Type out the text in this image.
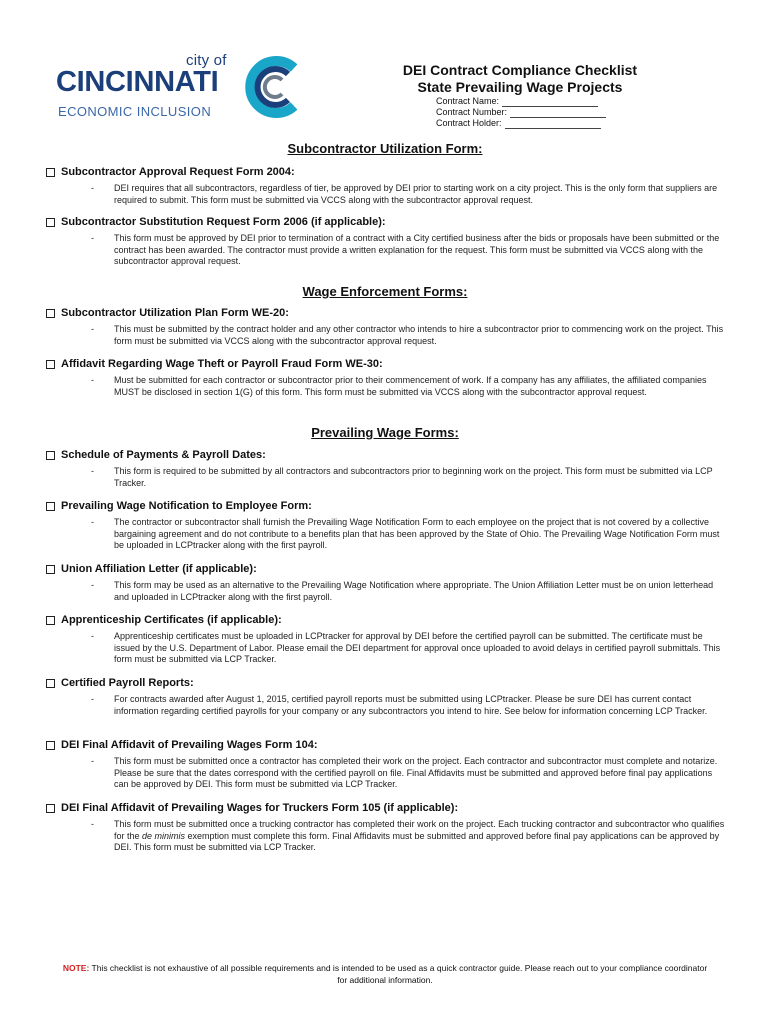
city of
CINCINNATI
ECONOMIC INCLUSION
DEI Contract Compliance Checklist
State Prevailing Wage Projects
Contract Name:
Contract Number:
Contract Holder:
Subcontractor Utilization Form:
Subcontractor Approval Request Form 2004:
- DEI requires that all subcontractors, regardless of tier, be approved by DEI prior to starting work on a city project. This is the only form that suppliers are required to submit. This form must be submitted via VCCS along with the subcontractor approval request.
Subcontractor Substitution Request Form 2006 (if applicable):
- This form must be approved by DEI prior to termination of a contract with a City certified business after the bids or proposals have been submitted or the contract has been awarded. The contractor must provide a written explanation for the request. This form must be submitted via VCCS along with the subcontractor approval request.
Wage Enforcement Forms:
Subcontractor Utilization Plan Form WE-20:
- This must be submitted by the contract holder and any other contractor who intends to hire a subcontractor prior to commencing work on the project. This form must be submitted via VCCS along with the subcontractor approval request.
Affidavit Regarding Wage Theft or Payroll Fraud Form WE-30:
- Must be submitted for each contractor or subcontractor prior to their commencement of work. If a company has any affiliates, the affiliated companies MUST be disclosed in section 1(G) of this form. This form must be submitted via VCCS along with the subcontractor approval request.
Prevailing Wage Forms:
Schedule of Payments & Payroll Dates:
- This form is required to be submitted by all contractors and subcontractors prior to beginning work on the project. This form must be submitted via LCP Tracker.
Prevailing Wage Notification to Employee Form:
- The contractor or subcontractor shall furnish the Prevailing Wage Notification Form to each employee on the project that is not covered by a collective bargaining agreement and do not contribute to a benefits plan that has been approved by the State of Ohio. The Prevailing Wage Notification Form must be uploaded in LCPtracker along with the first payroll.
Union Affiliation Letter (if applicable):
- This form may be used as an alternative to the Prevailing Wage Notification where appropriate. The Union Affiliation Letter must be on union letterhead and uploaded in LCPtracker along with the first payroll.
Apprenticeship Certificates (if applicable):
- Apprenticeship certificates must be uploaded in LCPtracker for approval by DEI before the certified payroll can be submitted. The certificate must be issued by the U.S. Department of Labor. Please email the DEI department for approval once uploaded to avoid delays in certified payroll submittals. This form must be submitted via LCP Tracker.
Certified Payroll Reports:
- For contracts awarded after August 1, 2015, certified payroll reports must be submitted using LCPtracker. Please be sure DEI has current contact information regarding certified payrolls for your company or any subcontractors you intend to hire. See below for information concerning LCP Tracker.
DEI Final Affidavit of Prevailing Wages Form 104:
- This form must be submitted once a contractor has completed their work on the project. Each contractor and subcontractor must complete and notarize. Please be sure that the dates correspond with the certified payroll on file. Final Affidavits must be submitted and approved before final pay applications can be approved by DEI. This form must be submitted via LCP Tracker.
DEI Final Affidavit of Prevailing Wages for Truckers Form 105 (if applicable):
- This form must be submitted once a trucking contractor has completed their work on the project. Each trucking contractor and subcontractor who qualifies for the de minimis exemption must complete this form. Final Affidavits must be submitted and approved before final pay applications can be approved by DEI. This form must be submitted via LCP Tracker.
NOTE: This checklist is not exhaustive of all possible requirements and is intended to be used as a quick contractor guide. Please reach out to your compliance coordinator for additional information.
